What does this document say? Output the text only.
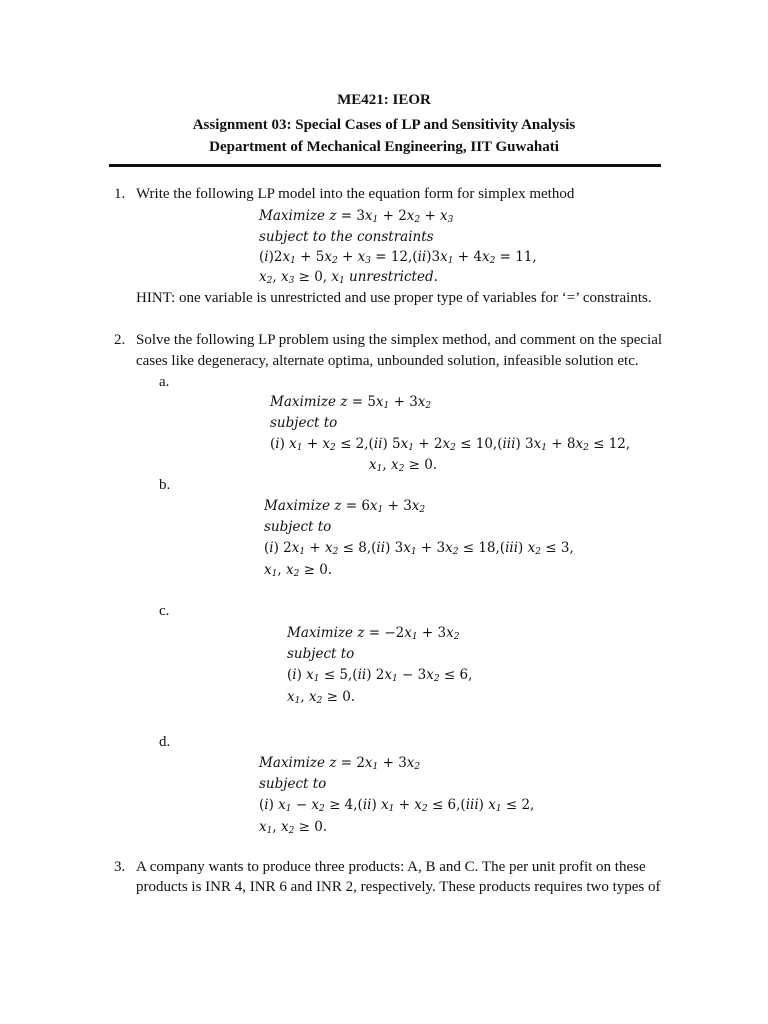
ME421: IEOR
Assignment 03: Special Cases of LP and Sensitivity Analysis
Department of Mechanical Engineering, IIT Guwahati
1. Write the following LP model into the equation form for simplex method
Maximize $z = 3x_1 + 2x_2 + x_3$
subject to the constraints
$(i)2x_1 + 5x_2 + x_3 = 12,(ii)3x_1 + 4x_2 = 11$,
$x_2$, $x_3 \ge 0$, $x_1$ unrestricted.
HINT: one variable is unrestricted and use proper type of variables for ‘=’ constraints.
2. Solve the following LP problem using the simplex method, and comment on the special
cases like degeneracy, alternate optima, unbounded solution, infeasible solution etc.
a.
Maximize $z = 5x_1 + 3x_2$
subject to
(i) $x_1 + x_2 \le 2,(ii) 5x_1 + 2x_2 \le 10,(iii) 3x_1 + 8x_2 \le 12$,
$x_1$, $x_2 \ge 0$.
b.
Maximize $z = 6x_1 + 3x_2$
subject to
(i) $2x_1 + x_2 \le 8,(ii) 3x_1 + 3x_2 \le 18,(iii) x_2 \le 3$,
$x_1$, $x_2 \ge 0$.
c.
Maximize $z = -2x_1 + 3x_2$
subject to
(i) $x_1 \le 5,(ii) 2x_1 - 3x_2 \le 6$,
$x_1$, $x_2 \ge 0$.
d.
Maximize $z = 2x_1 + 3x_2$
subject to
(i) $x_1 - x_2 \ge 4,(ii) x_1 + x_2 \le 6,(iii) x_1 \le 2$,
$x_1$, $x_2 \ge 0$.
3. A company wants to produce three products: A, B and C. The per unit profit on these
products is INR 4, INR 6 and INR 2, respectively. These products requires two types of
